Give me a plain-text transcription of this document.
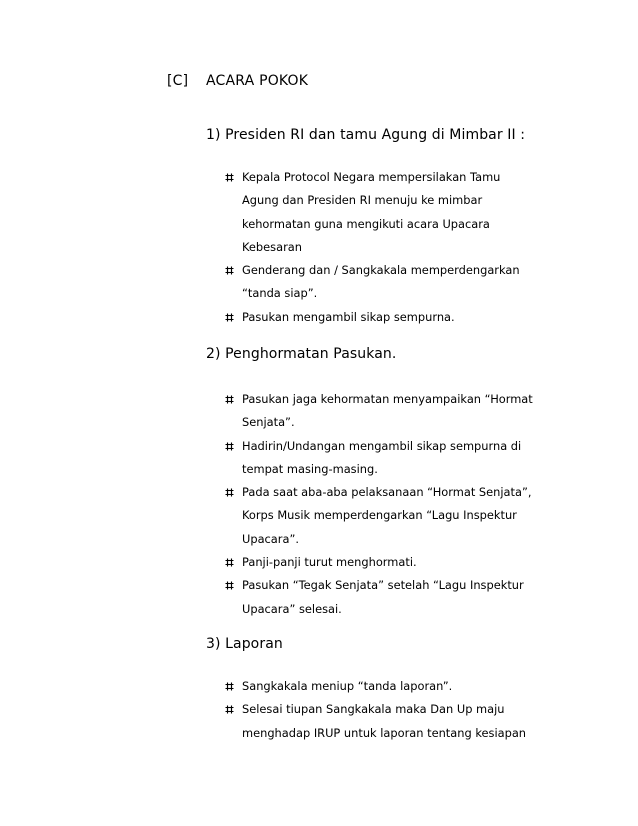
[C] ACARA POKOK
1) Presiden RI dan tamu Agung di Mimbar II :
Kepala Protocol Negara mempersilakan Tamu
Agung dan Presiden RI menuju ke mimbar
kehormatan guna mengikuti acara Upacara
Kebesaran
Genderang dan / Sangkakala memperdengarkan
“tanda siap”.
Pasukan mengambil sikap sempurna.
2) Penghormatan Pasukan.
Pasukan jaga kehormatan menyampaikan “Hormat
Senjata”.
Hadirin/Undangan mengambil sikap sempurna di
tempat masing-masing.
Pada saat aba-aba pelaksanaan “Hormat Senjata”,
Korps Musik memperdengarkan “Lagu Inspektur
Upacara”.
Panji-panji turut menghormati.
Pasukan “Tegak Senjata” setelah “Lagu Inspektur
Upacara” selesai.
3) Laporan
Sangkakala meniup “tanda laporan”.
Selesai tiupan Sangkakala maka Dan Up maju
menghadap IRUP untuk laporan tentang kesiapan
